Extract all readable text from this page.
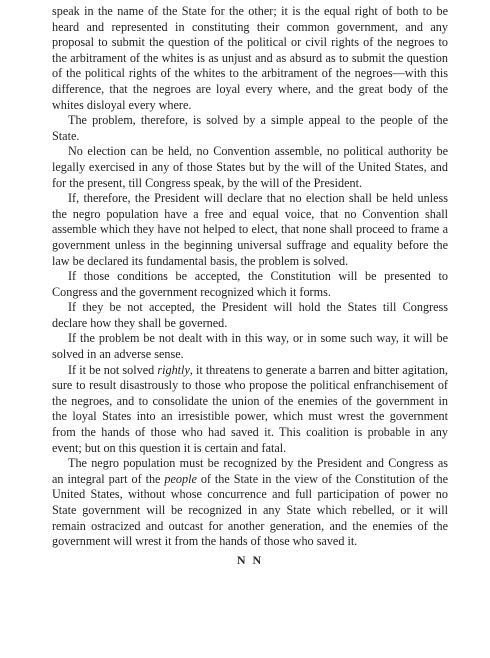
speak in the name of the State for the other; it is the equal right of both to be heard and represented in constituting their common government, and any proposal to submit the question of the political or civil rights of the negroes to the arbitrament of the whites is as unjust and as absurd as to submit the question of the political rights of the whites to the arbitrament of the negroes—with this difference, that the negroes are loyal every where, and the great body of the whites disloyal every where.

The problem, therefore, is solved by a simple appeal to the people of the State.

No election can be held, no Convention assemble, no political authority be legally exercised in any of those States but by the will of the United States, and for the present, till Congress speak, by the will of the President.

If, therefore, the President will declare that no election shall be held unless the negro population have a free and equal voice, that no Convention shall assemble which they have not helped to elect, that none shall proceed to frame a government unless in the beginning universal suffrage and equality before the law be declared its fundamental basis, the problem is solved.

If those conditions be accepted, the Constitution will be presented to Congress and the government recognized which it forms.

If they be not accepted, the President will hold the States till Congress declare how they shall be governed.

If the problem be not dealt with in this way, or in some such way, it will be solved in an adverse sense.

If it be not solved rightly, it threatens to generate a barren and bitter agitation, sure to result disastrously to those who propose the political enfranchisement of the negroes, and to consolidate the union of the enemies of the government in the loyal States into an irresistible power, which must wrest the government from the hands of those who had saved it. This coalition is probable in any event; but on this question it is certain and fatal.

The negro population must be recognized by the President and Congress as an integral part of the people of the State in the view of the Constitution of the United States, without whose concurrence and full participation of power no State government will be recognized in any State which rebelled, or it will remain ostracized and outcast for another generation, and the enemies of the government will wrest it from the hands of those who saved it.

N N
